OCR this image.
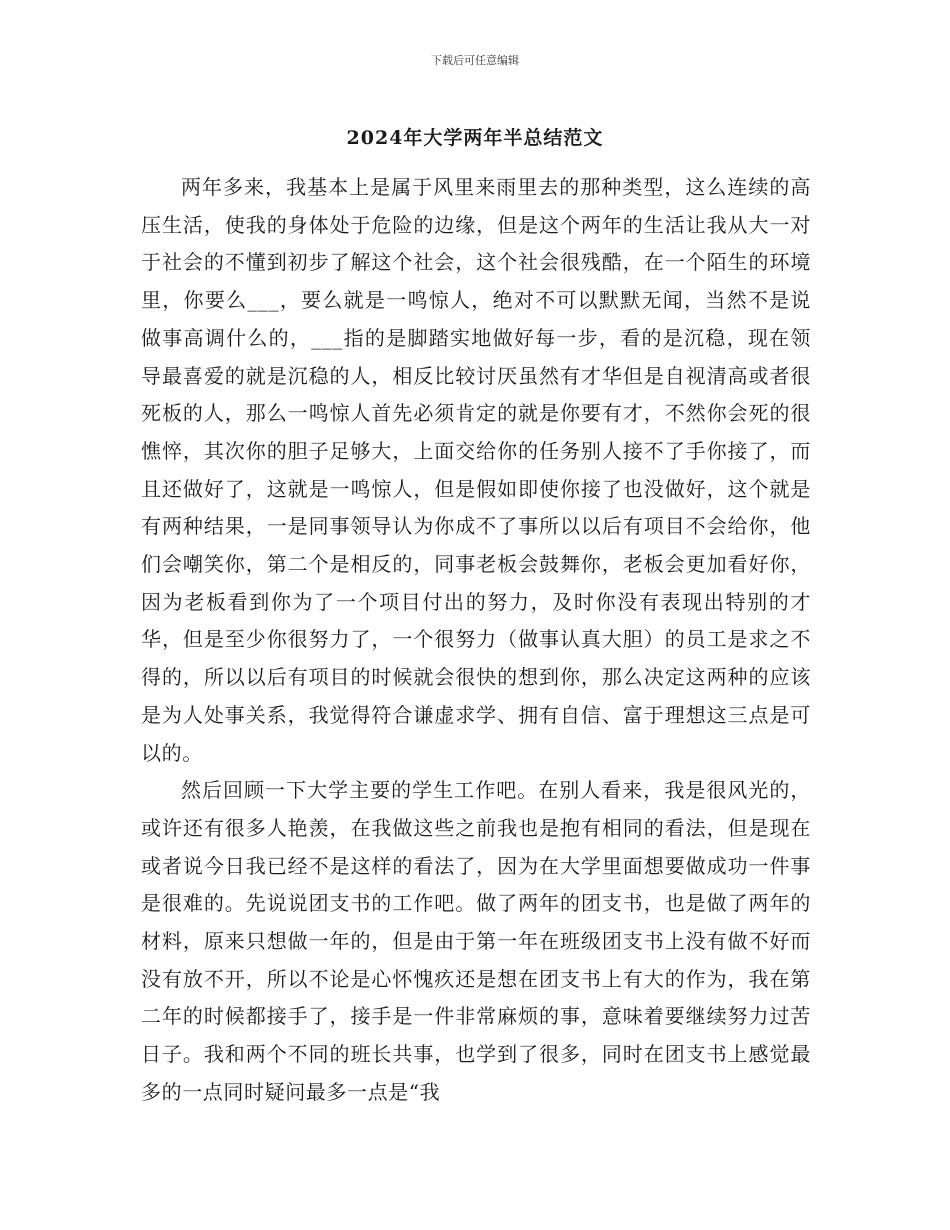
下载后可任意编辑
2024年大学两年半总结范文

两年多来，我基本上是属于风里来雨里去的那种类型，这么连续的高压生活，使我的身体处于危险的边缘，但是这个两年的生活让我从大一对于社会的不懂到初步了解这个社会，这个社会很残酷，在一个陌生的环境里，你要么___，要么就是一鸣惊人，绝对不可以默默无闻，当然不是说做事高调什么的，___指的是脚踏实地做好每一步，看的是沉稳，现在领导最喜爱的就是沉稳的人，相反比较讨厌虽然有才华但是自视清高或者很死板的人，那么一鸣惊人首先必须肯定的就是你要有才，不然你会死的很憔悴，其次你的胆子足够大，上面交给你的任务别人接不了手你接了，而且还做好了，这就是一鸣惊人，但是假如即使你接了也没做好，这个就是有两种结果，一是同事领导认为你成不了事所以以后有项目不会给你，他们会嘲笑你，第二个是相反的，同事老板会鼓舞你，老板会更加看好你，因为老板看到你为了一个项目付出的努力，及时你没有表现出特别的才华，但是至少你很努力了，一个很努力（做事认真大胆）的员工是求之不得的，所以以后有项目的时候就会很快的想到你，那么决定这两种的应该是为人处事关系，我觉得符合谦虚求学、拥有自信、富于理想这三点是可以的。

然后回顾一下大学主要的学生工作吧。在别人看来，我是很风光的，或许还有很多人艳羡，在我做这些之前我也是抱有相同的看法，但是现在或者说今日我已经不是这样的看法了，因为在大学里面想要做成功一件事是很难的。先说说团支书的工作吧。做了两年的团支书，也是做了两年的材料，原来只想做一年的，但是由于第一年在班级团支书上没有做不好而没有放不开，所以不论是心怀愧疚还是想在团支书上有大的作为，我在第二年的时候都接手了，接手是一件非常麻烦的事，意味着要继续努力过苦日子。我和两个不同的班长共事，也学到了很多，同时在团支书上感觉最多的一点同时疑问最多一点是“我
